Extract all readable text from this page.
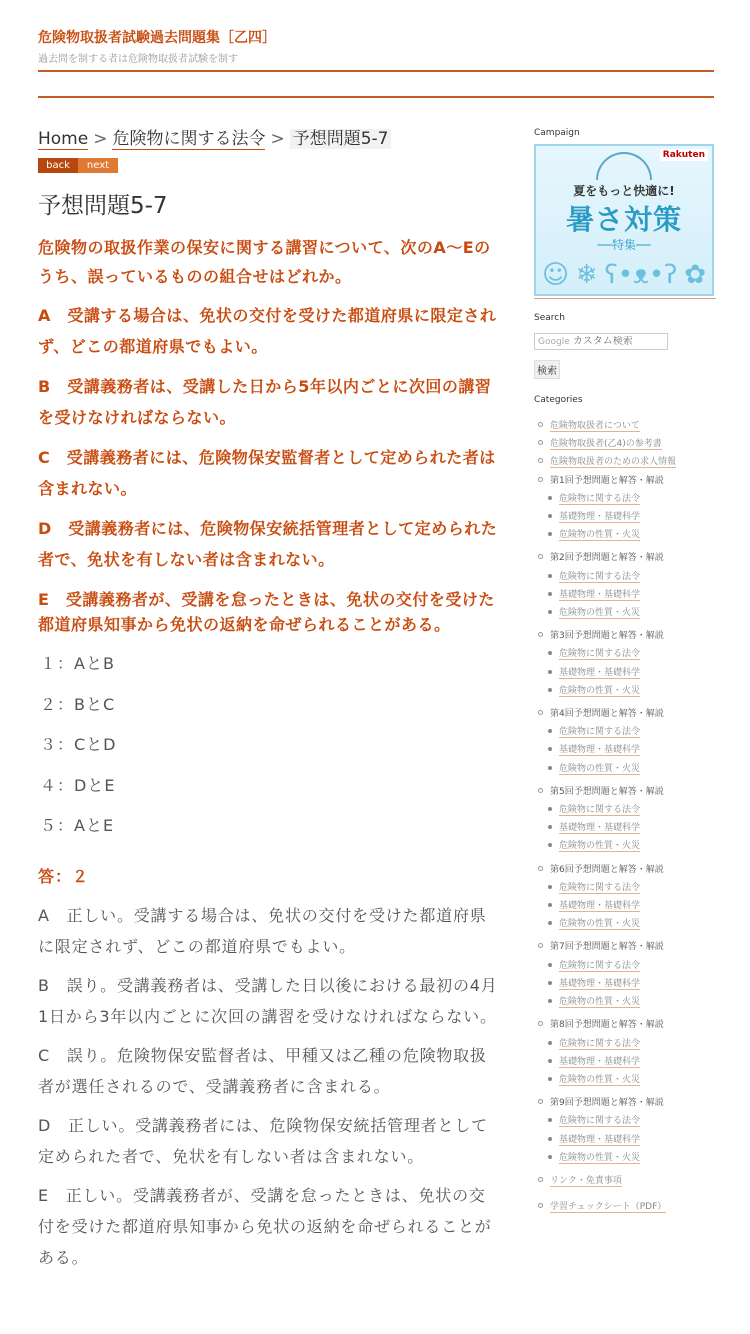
危険物取扱者試験過去問題集［乙四］
過去問を制する者は危険物取扱者試験を制す
Home > 危険物に関する法令 > 予想問題5-7
back	next
予想問題5-7

危険物の取扱作業の保安に関する講習について、次のA～Eのうち、誤っているものの組合せはどれか。

A　受講する場合は、免状の交付を受けた都道府県に限定されず、どこの都道府県でもよい。

B　受講義務者は、受講した日から5年以内ごとに次回の講習を受けなければならない。

C　受講義務者には、危険物保安監督者として定められた者は含まれない。

D　受講義務者には、危険物保安統括管理者として定められた者で、免状を有しない者は含まれない。

E　受講義務者が、受講を怠ったときは、免状の交付を受けた都道府県知事から免状の返納を命ぜられることがある。

１：AとB
２：BとC
３：CとD
４：DとE
５：AとE

答：２

A　正しい。受講する場合は、免状の交付を受けた都道府県に限定されず、どこの都道府県でもよい。

B　誤り。受講義務者は、受講した日以後における最初の4月1日から3年以内ごとに次回の講習を受けなければならない。

C　誤り。危険物保安監督者は、甲種又は乙種の危険物取扱者が選任されるので、受講義務者に含まれる。

D　正しい。受講義務者には、危険物保安統括管理者として定められた者で、免状を有しない者は含まれない。

E　正しい。受講義務者が、受講を怠ったときは、免状の交付を受けた都道府県知事から免状の返納を命ぜられることがある。

Campaign
Rakuten
夏をもっと快適に!
暑さ対策
──特集──
☺ ❄ ʕ•ᴥ•ʔ ✿
Search
Google
カスタム検索
検索
Categories
危険物取扱者について
危険物取扱者(乙4)の参考書
危険物取扱者のための求人情報
第1回予想問題と解答・解説
危険物に関する法令
基礎物理・基礎科学
危険物の性質・火災
第2回予想問題と解答・解説
危険物に関する法令
基礎物理・基礎科学
危険物の性質・火災
第3回予想問題と解答・解説
危険物に関する法令
基礎物理・基礎科学
危険物の性質・火災
第4回予想問題と解答・解説
危険物に関する法令
基礎物理・基礎科学
危険物の性質・火災
第5回予想問題と解答・解説
危険物に関する法令
基礎物理・基礎科学
危険物の性質・火災
第6回予想問題と解答・解説
危険物に関する法令
基礎物理・基礎科学
危険物の性質・火災
第7回予想問題と解答・解説
危険物に関する法令
基礎物理・基礎科学
危険物の性質・火災
第8回予想問題と解答・解説
危険物に関する法令
基礎物理・基礎科学
危険物の性質・火災
第9回予想問題と解答・解説
危険物に関する法令
基礎物理・基礎科学
危険物の性質・火災
リンク・免責事項
学習チェックシート（PDF）
